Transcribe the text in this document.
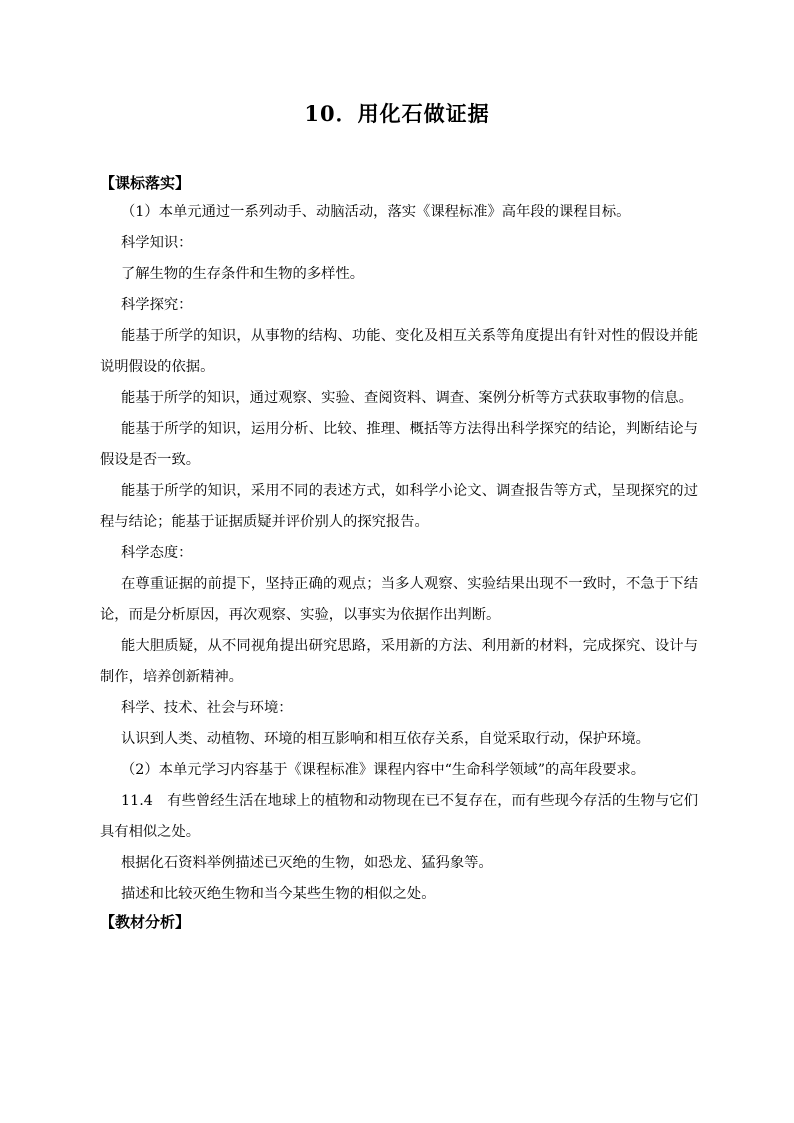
10．用化石做证据

【课标落实】

（1）本单元通过一系列动手、动脑活动，落实《课程标准》高年段的课程目标。

科学知识：

了解生物的生存条件和生物的多样性。

科学探究：

能基于所学的知识，从事物的结构、功能、变化及相互关系等角度提出有针对性的假设并能说明假设的依据。

能基于所学的知识，通过观察、实验、查阅资料、调查、案例分析等方式获取事物的信息。

能基于所学的知识，运用分析、比较、推理、概括等方法得出科学探究的结论，判断结论与假设是否一致。

能基于所学的知识，采用不同的表述方式，如科学小论文、调查报告等方式，呈现探究的过程与结论；能基于证据质疑并评价别人的探究报告。

科学态度：

在尊重证据的前提下，坚持正确的观点；当多人观察、实验结果出现不一致时，不急于下结论，而是分析原因，再次观察、实验，以事实为依据作出判断。

能大胆质疑，从不同视角提出研究思路，采用新的方法、利用新的材料，完成探究、设计与制作，培养创新精神。

科学、技术、社会与环境：

认识到人类、动植物、环境的相互影响和相互依存关系，自觉采取行动，保护环境。

（2）本单元学习内容基于《课程标准》课程内容中“生命科学领域”的高年段要求。

11.4　有些曾经生活在地球上的植物和动物现在已不复存在，而有些现今存活的生物与它们具有相似之处。

根据化石资料举例描述已灭绝的生物，如恐龙、猛犸象等。

描述和比较灭绝生物和当今某些生物的相似之处。

【教材分析】
